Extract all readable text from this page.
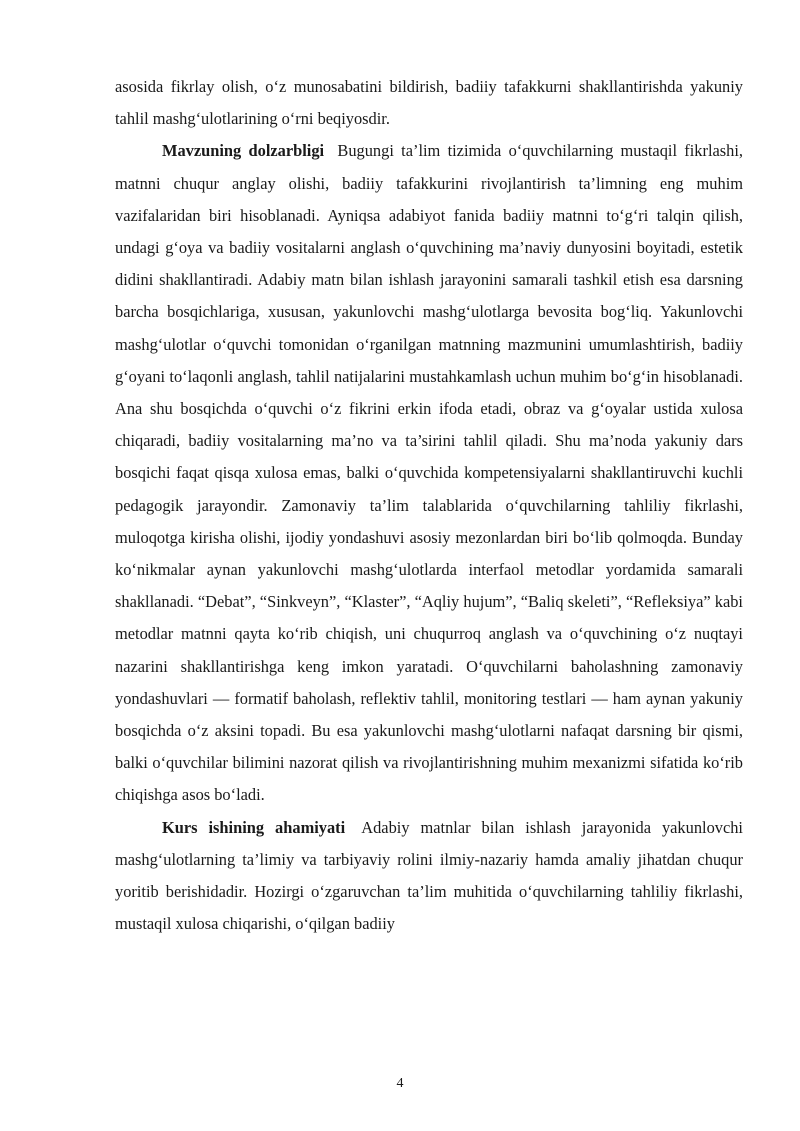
asosida fikrlay olish, o‘z munosabatini bildirish, badiiy tafakkurni shakllantirishda yakuniy tahlil mashg‘ulotlarining o‘rni beqiyosdir.

Mavzuning dolzarbligi Bugungi ta’lim tizimida o‘quvchilarning mustaqil fikrlashi, matnni chuqur anglay olishi, badiiy tafakkurini rivojlantirish ta’limning eng muhim vazifalaridan biri hisoblanadi. Ayniqsa adabiyot fanida badiiy matnni to‘g‘ri talqin qilish, undagi g‘oya va badiiy vositalarni anglash o‘quvchining ma’naviy dunyosini boyitadi, estetik didini shakllantiradi. Adabiy matn bilan ishlash jarayonini samarali tashkil etish esa darsning barcha bosqichlariga, xususan, yakunlovchi mashg‘ulotlarga bevosita bog‘liq. Yakunlovchi mashg‘ulotlar o‘quvchi tomonidan o‘rganilgan matnning mazmunini umumlashtirish, badiiy g‘oyani to‘laqonli anglash, tahlil natijalarini mustahkamlash uchun muhim bo‘g‘in hisoblanadi. Ana shu bosqichda o‘quvchi o‘z fikrini erkin ifoda etadi, obraz va g‘oyalar ustida xulosa chiqaradi, badiiy vositalarning ma’no va ta’sirini tahlil qiladi. Shu ma’noda yakuniy dars bosqichi faqat qisqa xulosa emas, balki o‘quvchida kompetensiyalarni shakllantiruvchi kuchli pedagogik jarayondir. Zamonaviy ta’lim talablarida o‘quvchilarning tahliliy fikrlashi, muloqotga kirisha olishi, ijodiy yondashuvi asosiy mezonlardan biri bo‘lib qolmoqda. Bunday ko‘nikmalar aynan yakunlovchi mashg‘ulotlarda interfaol metodlar yordamida samarali shakllanadi. “Debat”, “Sinkveyn”, “Klaster”, “Aqliy hujum”, “Baliq skeleti”, “Refleksiya” kabi metodlar matnni qayta ko‘rib chiqish, uni chuqurroq anglash va o‘quvchining o‘z nuqtayi nazarini shakllantirishga keng imkon yaratadi. O‘quvchilarni baholashning zamonaviy yondashuvlari — formatif baholash, reflektiv tahlil, monitoring testlari — ham aynan yakuniy bosqichda o‘z aksini topadi. Bu esa yakunlovchi mashg‘ulotlarni nafaqat darsning bir qismi, balki o‘quvchilar bilimini nazorat qilish va rivojlantirishning muhim mexanizmi sifatida ko‘rib chiqishga asos bo‘ladi.

Kurs ishining ahamiyati Adabiy matnlar bilan ishlash jarayonida yakunlovchi mashg‘ulotlarning ta’limiy va tarbiyaviy rolini ilmiy-nazariy hamda amaliy jihatdan chuqur yoritib berishidadir. Hozirgi o‘zgaruvchan ta’lim muhitida o‘quvchilarning tahliliy fikrlashi, mustaqil xulosa chiqarishi, o‘qilgan badiiy

4
